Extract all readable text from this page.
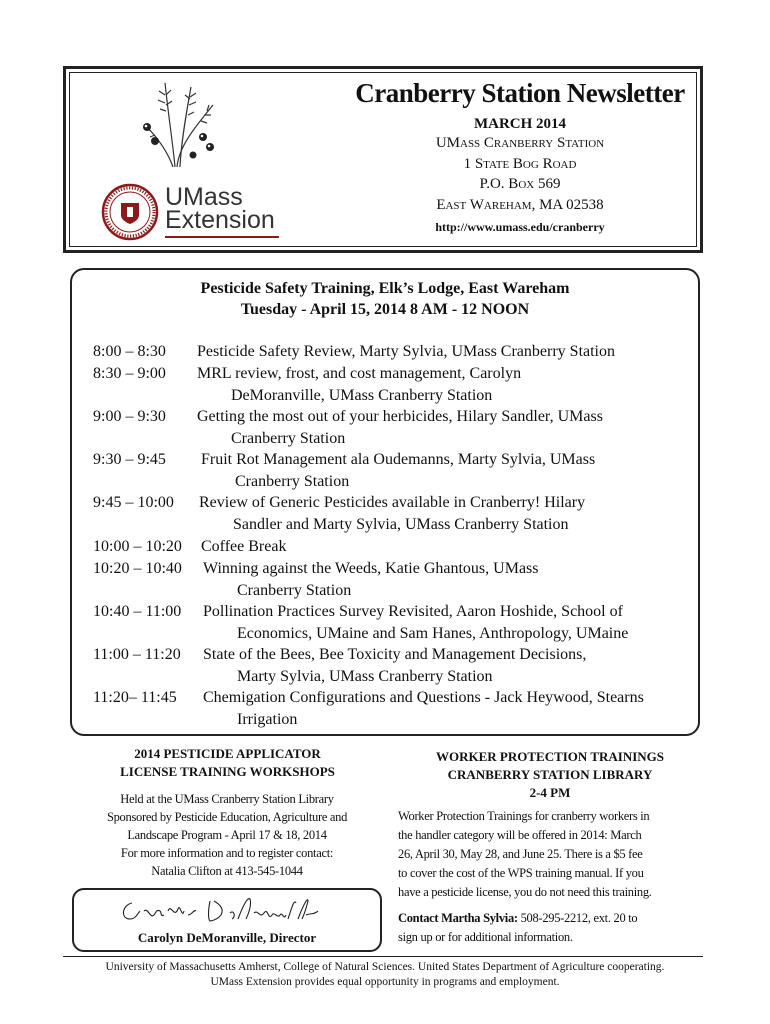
UMass
Extension
Cranberry Station Newsletter
MARCH 2014
UMass Cranberry Station
1 State Bog Road
P.O. Box 569
East Wareham, MA 02538
http://www.umass.edu/cranberry
Pesticide Safety Training, Elk’s Lodge, East Wareham
Tuesday - April 15, 2014 8 AM - 12 NOON
8:00 – 8:30 Pesticide Safety Review, Marty Sylvia, UMass Cranberry Station
8:30 – 9:00 MRL review, frost, and cost management, Carolyn
DeMoranville, UMass Cranberry Station
9:00 – 9:30 Getting the most out of your herbicides, Hilary Sandler, UMass
Cranberry Station
9:30 – 9:45 Fruit Rot Management ala Oudemanns, Marty Sylvia, UMass
Cranberry Station
9:45 – 10:00 Review of Generic Pesticides available in Cranberry! Hilary
Sandler and Marty Sylvia, UMass Cranberry Station
10:00 – 10:20 Coffee Break
10:20 – 10:40 Winning against the Weeds, Katie Ghantous, UMass
Cranberry Station
10:40 – 11:00 Pollination Practices Survey Revisited, Aaron Hoshide, School of
Economics, UMaine and Sam Hanes, Anthropology, UMaine
11:00 – 11:20 State of the Bees, Bee Toxicity and Management Decisions,
Marty Sylvia, UMass Cranberry Station
11:20– 11:45 Chemigation Configurations and Questions - Jack Heywood, Stearns
Irrigation
2014 PESTICIDE APPLICATOR
LICENSE TRAINING WORKSHOPS
Held at the UMass Cranberry Station Library
Sponsored by Pesticide Education, Agriculture and
Landscape Program - April 17 & 18, 2014
For more information and to register contact:
Natalia Clifton at 413-545-1044
WORKER PROTECTION TRAININGS
CRANBERRY STATION LIBRARY
2-4 PM
Worker Protection Trainings for cranberry workers in
the handler category will be offered in 2014: March
26, April 30, May 28, and June 25. There is a $5 fee
to cover the cost of the WPS training manual. If you
have a pesticide license, you do not need this training.
Contact Martha Sylvia: 508-295-2212, ext. 20 to
sign up or for additional information.
Carolyn DeMoranville, Director
University of Massachusetts Amherst, College of Natural Sciences. United States Department of Agriculture cooperating.
UMass Extension provides equal opportunity in programs and employment.
